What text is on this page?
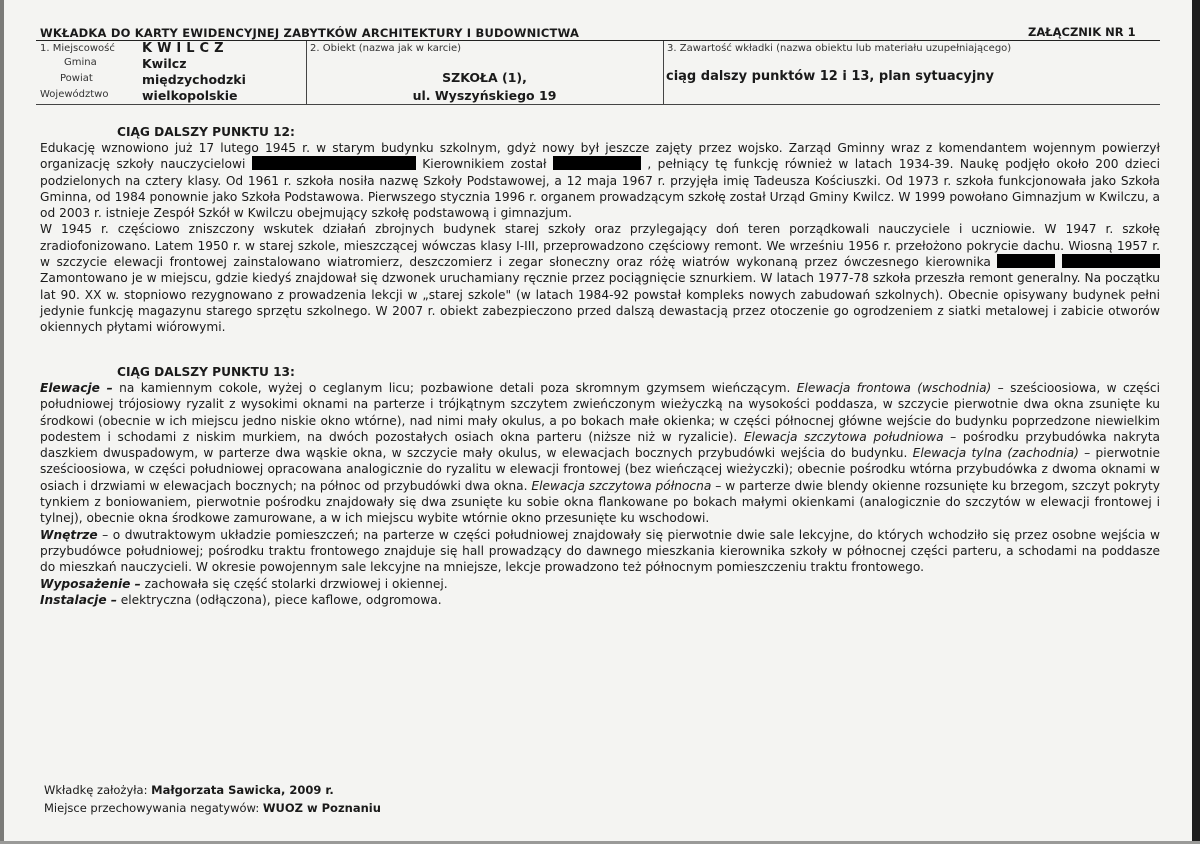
WKŁADKA DO KARTY EWIDENCYJNEJ ZABYTKÓW ARCHITEKTURY I BUDOWNICTWA	ZAŁĄCZNIK NR 1
1. Miejscowość KWILCZ
Gmina	Kwilcz
Powiat	międzychodzki
Województwo	wielkopolskie
2. Obiekt (nazwa jak w karcie)
SZKOŁA (1),
ul. Wyszyńskiego 19
3. Zawartość wkładki (nazwa obiektu lub materiału uzupełniającego)
ciąg dalszy punktów 12 i 13, plan sytuacyjny
CIĄG DALSZY PUNKTU 12:
Edukację wznowiono już 17 lutego 1945 r. w starym budynku szkolnym, gdyż nowy był jeszcze zajęty przez wojsko. Zarząd Gminny wraz z komendantem wojennym powierzył organizację szkoły nauczycielowi	Kierownikiem został	, pełniący tę funkcję również w latach 1934-39. Naukę podjęło około 200 dzieci podzielonych na cztery klasy. Od 1961 r. szkoła nosiła nazwę Szkoły Podstawowej, a 12 maja 1967 r. przyjęła imię Tadeusza Kościuszki. Od 1973 r. szkoła funkcjonowała jako Szkoła Gminna, od 1984 ponownie jako Szkoła Podstawowa. Pierwszego stycznia 1996 r. organem prowadzącym szkołę został Urząd Gminy Kwilcz. W 1999 powołano Gimnazjum w Kwilczu, a od 2003 r. istnieje Zespół Szkół w Kwilczu obejmujący szkołę podstawową i gimnazjum.
W 1945 r. częściowo zniszczony wskutek działań zbrojnych budynek starej szkoły oraz przylegający doń teren porządkowali nauczyciele i uczniowie. W 1947 r. szkołę zradiofonizowano. Latem 1950 r. w starej szkole, mieszczącej wówczas klasy I-III, przeprowadzono częściowy remont. We wrześniu 1956 r. przełożono pokrycie dachu. Wiosną 1957 r. w szczycie elewacji frontowej zainstalowano wiatromierz, deszczomierz i zegar słoneczny oraz różę wiatrów wykonaną przez ówczesnego kierownika   Zamontowano je w miejscu, gdzie kiedyś znajdował się dzwonek uruchamiany ręcznie przez pociągnięcie sznurkiem. W latach 1977-78 szkoła przeszła remont generalny. Na początku lat 90. XX w. stopniowo rezygnowano z prowadzenia lekcji w „starej szkole" (w latach 1984-92 powstał kompleks nowych zabudowań szkolnych). Obecnie opisywany budynek pełni jedynie funkcję magazynu starego sprzętu szkolnego. W 2007 r. obiekt zabezpieczono przed dalszą dewastacją przez otoczenie go ogrodzeniem z siatki metalowej i zabicie otworów okiennych płytami wiórowymi.
CIĄG DALSZY PUNKTU 13:
Elewacje – na kamiennym cokole, wyżej o ceglanym licu; pozbawione detali poza skromnym gzymsem wieńczącym. Elewacja frontowa (wschodnia) – sześcioosiowa, w części południowej trójosiowy ryzalit z wysokimi oknami na parterze i trójkątnym szczytem zwieńczonym wieżyczką na wysokości poddasza, w szczycie pierwotnie dwa okna zsunięte ku środkowi (obecnie w ich miejscu jedno niskie okno wtórne), nad nimi mały okulus, a po bokach małe okienka; w części północnej główne wejście do budynku poprzedzone niewielkim podestem i schodami z niskim murkiem, na dwóch pozostałych osiach okna parteru (niższe niż w ryzalicie). Elewacja szczytowa południowa – pośrodku przybudówka nakryta daszkiem dwuspadowym, w parterze dwa wąskie okna, w szczycie mały okulus, w elewacjach bocznych przybudówki wejścia do budynku. Elewacja tylna (zachodnia) – pierwotnie sześcioosiowa, w części południowej opracowana analogicznie do ryzalitu w elewacji frontowej (bez wieńczącej wieżyczki); obecnie pośrodku wtórna przybudówka z dwoma oknami w osiach i drzwiami w elewacjach bocznych; na północ od przybudówki dwa okna. Elewacja szczytowa północna – w parterze dwie blendy okienne rozsunięte ku brzegom, szczyt pokryty tynkiem z boniowaniem, pierwotnie pośrodku znajdowały się dwa zsunięte ku sobie okna flankowane po bokach małymi okienkami (analogicznie do szczytów w elewacji frontowej i tylnej), obecnie okna środkowe zamurowane, a w ich miejscu wybite wtórnie okno przesunięte ku wschodowi.
Wnętrze – o dwutraktowym układzie pomieszczeń; na parterze w części południowej znajdowały się pierwotnie dwie sale lekcyjne, do których wchodziło się przez osobne wejścia w przybudówce południowej; pośrodku traktu frontowego znajduje się hall prowadzący do dawnego mieszkania kierownika szkoły w północnej części parteru, a schodami na poddasze do mieszkań nauczycieli. W okresie powojennym sale lekcyjne na mniejsze, lekcje prowadzono też północnym pomieszczeniu traktu frontowego.
Wyposażenie – zachowała się część stolarki drzwiowej i okiennej.
Instalacje – elektryczna (odłączona), piece kaflowe, odgromowa.
Wkładkę założyła: Małgorzata Sawicka, 2009 r.
Miejsce przechowywania negatywów: WUOZ w Poznaniu
